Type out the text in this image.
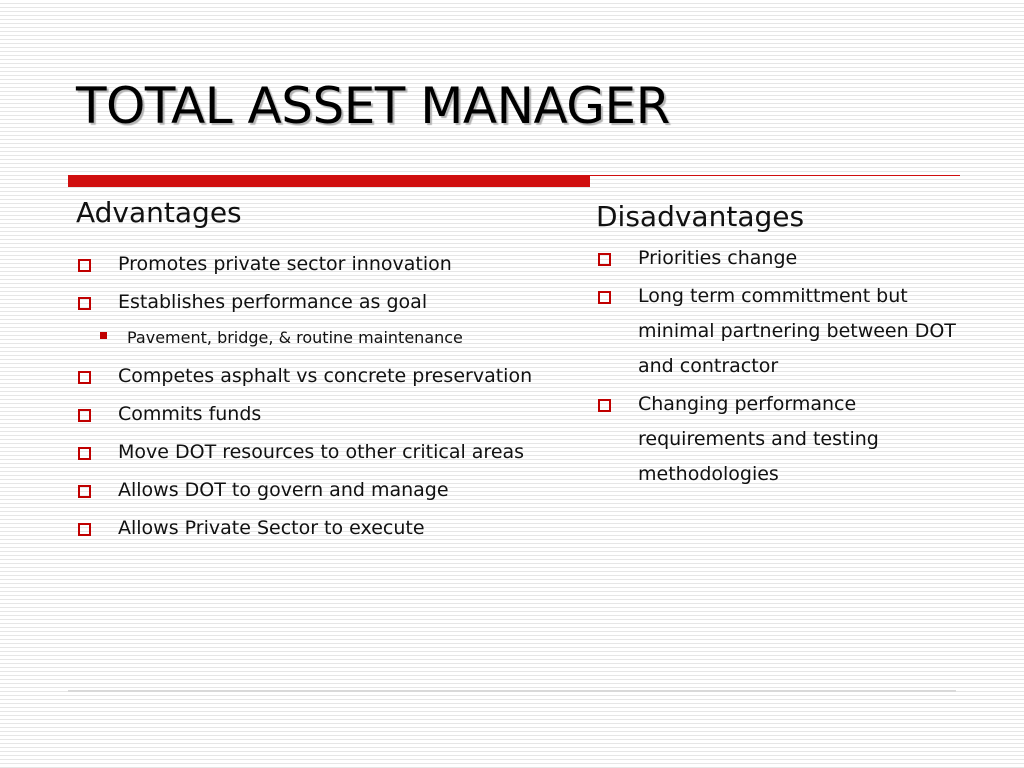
TOTAL ASSET MANAGER
Advantages
Promotes private sector innovation
Establishes performance as goal
Pavement, bridge, & routine maintenance
Competes asphalt vs concrete preservation
Commits funds
Move DOT resources to other critical areas
Allows DOT to govern and manage
Allows Private Sector to execute
Disadvantages
Priorities change
Long term committment but minimal partnering between DOT and contractor
Changing performance requirements and testing methodologies
